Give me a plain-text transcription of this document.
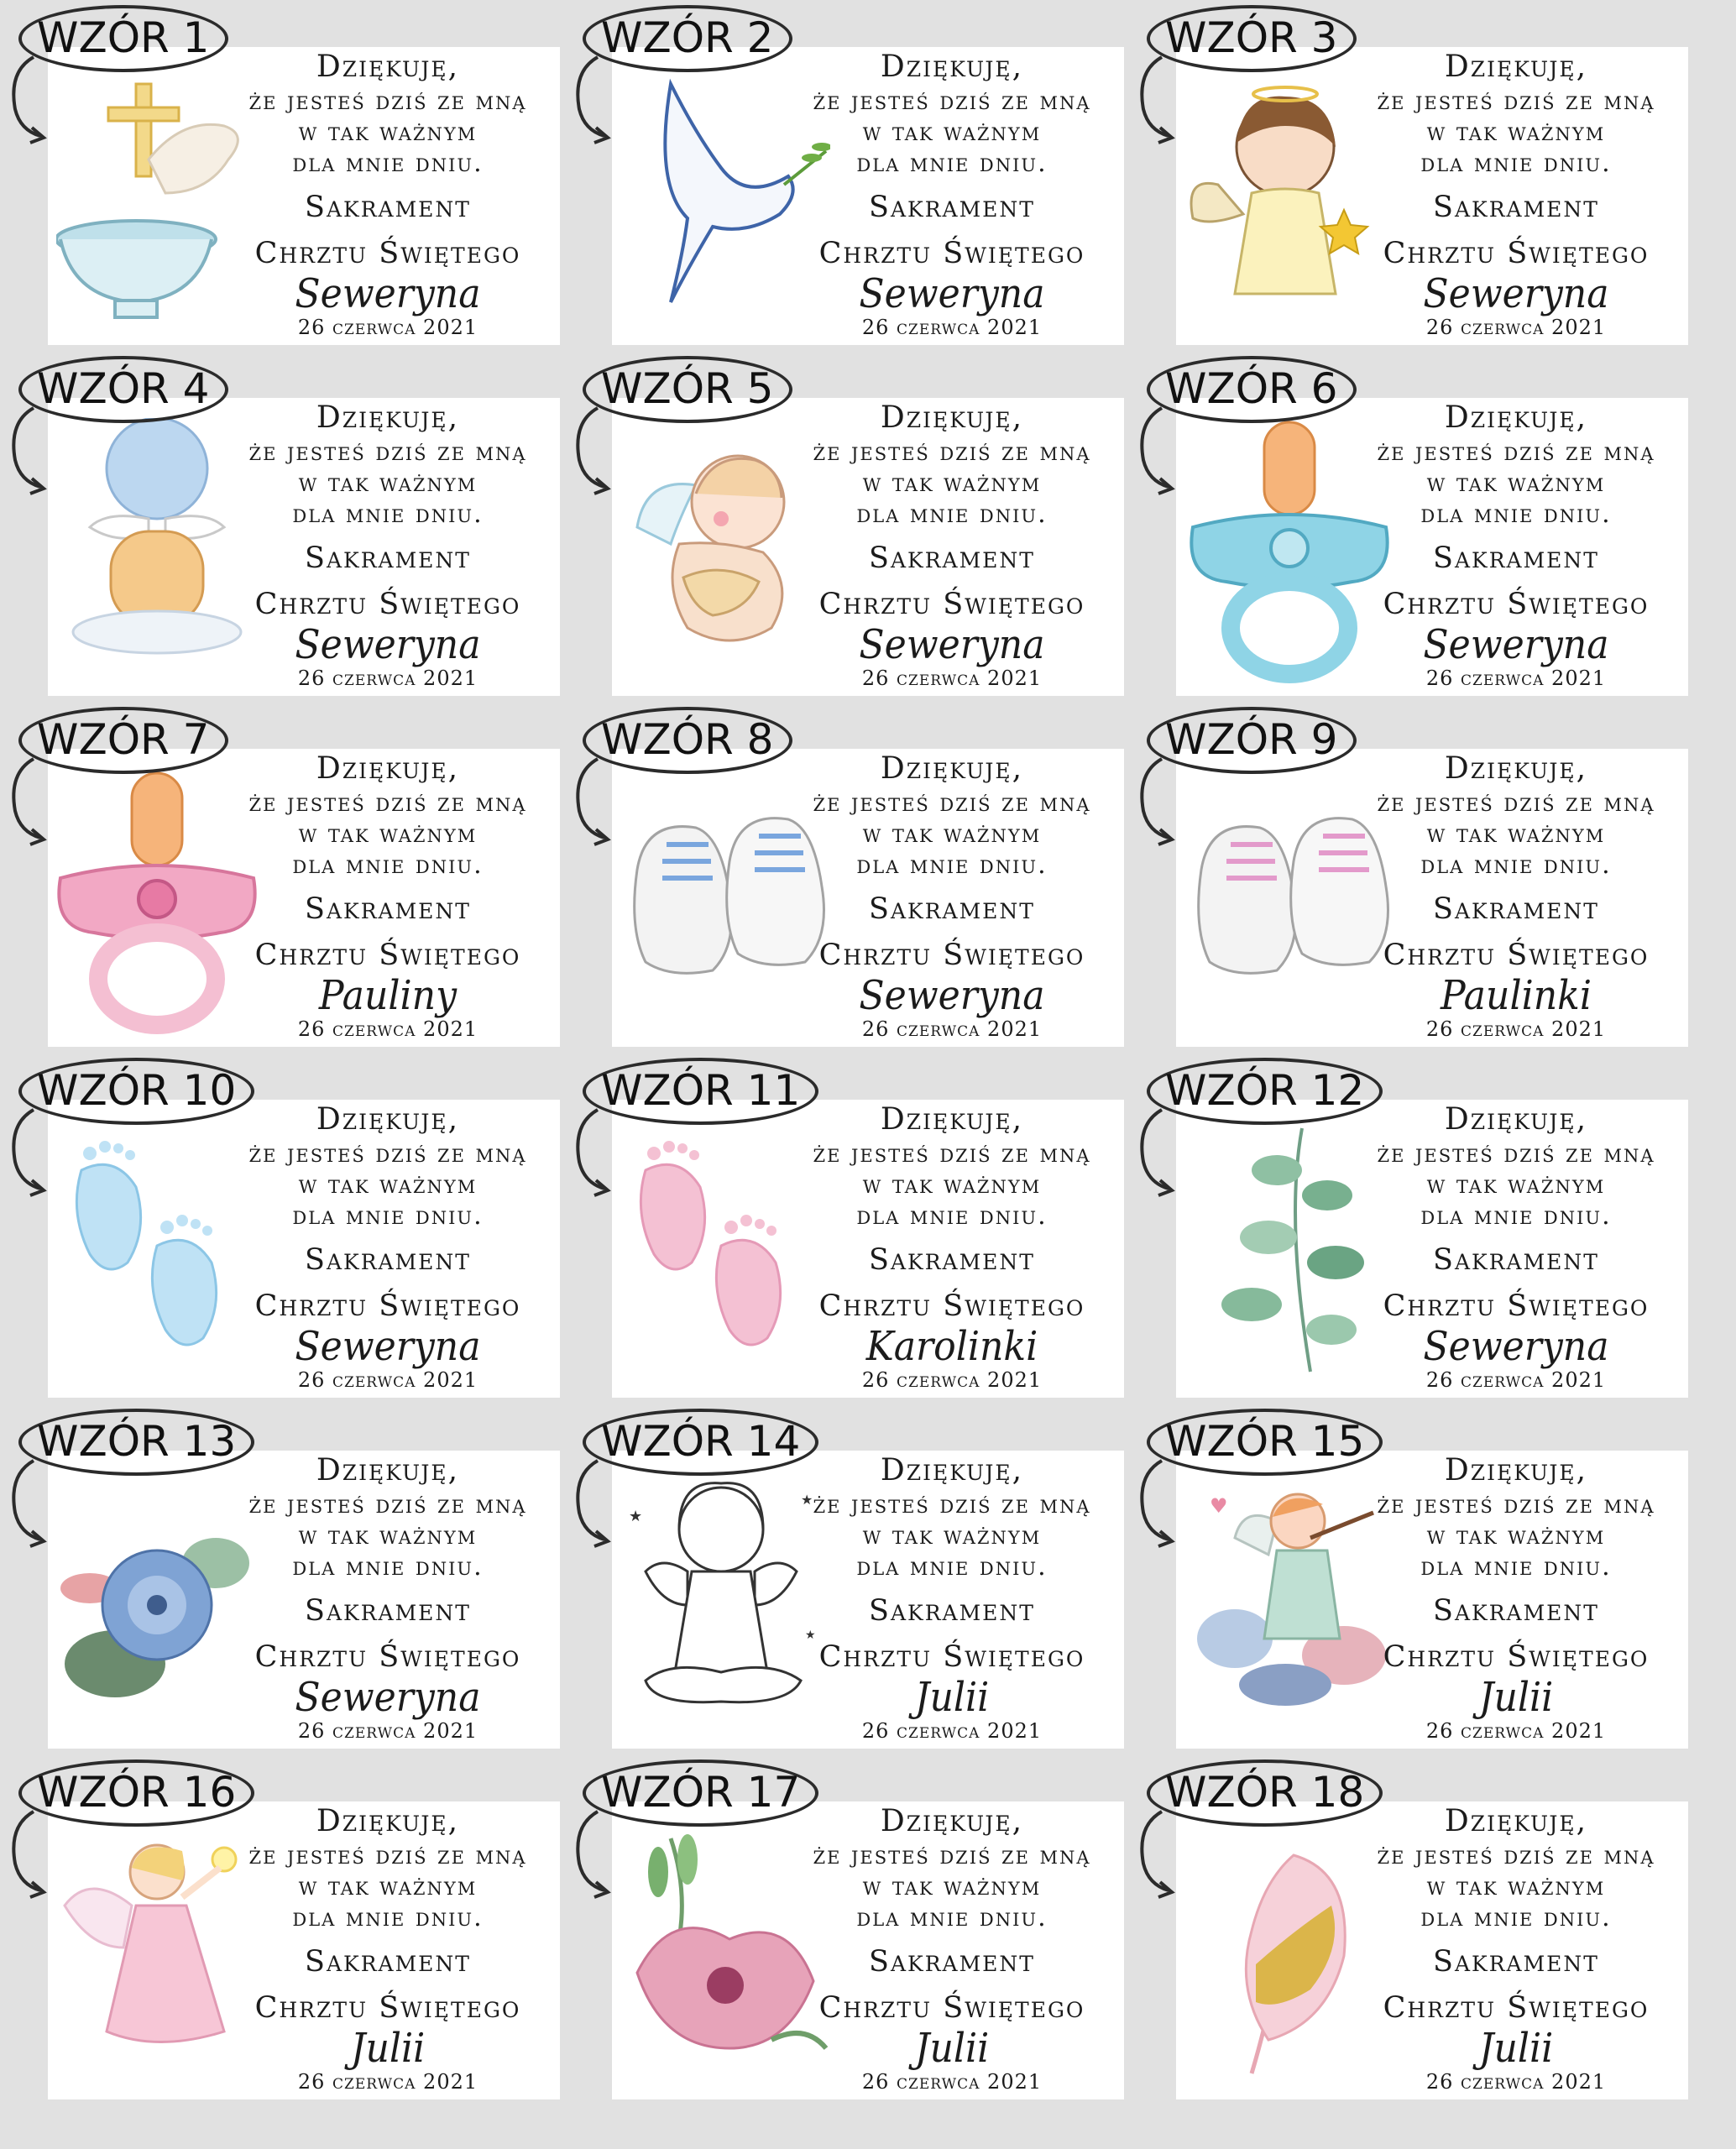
Dziękuję,
że jesteś dziś ze mną
w tak ważnym
dla mnie dniu.
Sakrament
Chrztu Świętego
Seweryna
26 czerwca 2021
WZÓR 1
Dziękuję,
że jesteś dziś ze mną
w tak ważnym
dla mnie dniu.
Sakrament
Chrztu Świętego
Seweryna
26 czerwca 2021
WZÓR 2
Dziękuję,
że jesteś dziś ze mną
w tak ważnym
dla mnie dniu.
Sakrament
Chrztu Świętego
Seweryna
26 czerwca 2021
WZÓR 3
Dziękuję,
że jesteś dziś ze mną
w tak ważnym
dla mnie dniu.
Sakrament
Chrztu Świętego
Seweryna
26 czerwca 2021
WZÓR 4
Dziękuję,
że jesteś dziś ze mną
w tak ważnym
dla mnie dniu.
Sakrament
Chrztu Świętego
Seweryna
26 czerwca 2021
WZÓR 5
Dziękuję,
że jesteś dziś ze mną
w tak ważnym
dla mnie dniu.
Sakrament
Chrztu Świętego
Seweryna
26 czerwca 2021
WZÓR 6
Dziękuję,
że jesteś dziś ze mną
w tak ważnym
dla mnie dniu.
Sakrament
Chrztu Świętego
Pauliny
26 czerwca 2021
WZÓR 7
Dziękuję,
że jesteś dziś ze mną
w tak ważnym
dla mnie dniu.
Sakrament
Chrztu Świętego
Seweryna
26 czerwca 2021
WZÓR 8
Dziękuję,
że jesteś dziś ze mną
w tak ważnym
dla mnie dniu.
Sakrament
Chrztu Świętego
Paulinki
26 czerwca 2021
WZÓR 9
Dziękuję,
że jesteś dziś ze mną
w tak ważnym
dla mnie dniu.
Sakrament
Chrztu Świętego
Seweryna
26 czerwca 2021
WZÓR 10
Dziękuję,
że jesteś dziś ze mną
w tak ważnym
dla mnie dniu.
Sakrament
Chrztu Świętego
Karolinki
26 czerwca 2021
WZÓR 11
Dziękuję,
że jesteś dziś ze mną
w tak ważnym
dla mnie dniu.
Sakrament
Chrztu Świętego
Seweryna
26 czerwca 2021
WZÓR 12
Dziękuję,
że jesteś dziś ze mną
w tak ważnym
dla mnie dniu.
Sakrament
Chrztu Świętego
Seweryna
26 czerwca 2021
WZÓR 13
★
★
★
Dziękuję,
że jesteś dziś ze mną
w tak ważnym
dla mnie dniu.
Sakrament
Chrztu Świętego
Julii
26 czerwca 2021
WZÓR 14
♥
Dziękuję,
że jesteś dziś ze mną
w tak ważnym
dla mnie dniu.
Sakrament
Chrztu Świętego
Julii
26 czerwca 2021
WZÓR 15
Dziękuję,
że jesteś dziś ze mną
w tak ważnym
dla mnie dniu.
Sakrament
Chrztu Świętego
Julii
26 czerwca 2021
WZÓR 16
Dziękuję,
że jesteś dziś ze mną
w tak ważnym
dla mnie dniu.
Sakrament
Chrztu Świętego
Julii
26 czerwca 2021
WZÓR 17
Dziękuję,
że jesteś dziś ze mną
w tak ważnym
dla mnie dniu.
Sakrament
Chrztu Świętego
Julii
26 czerwca 2021
WZÓR 18
